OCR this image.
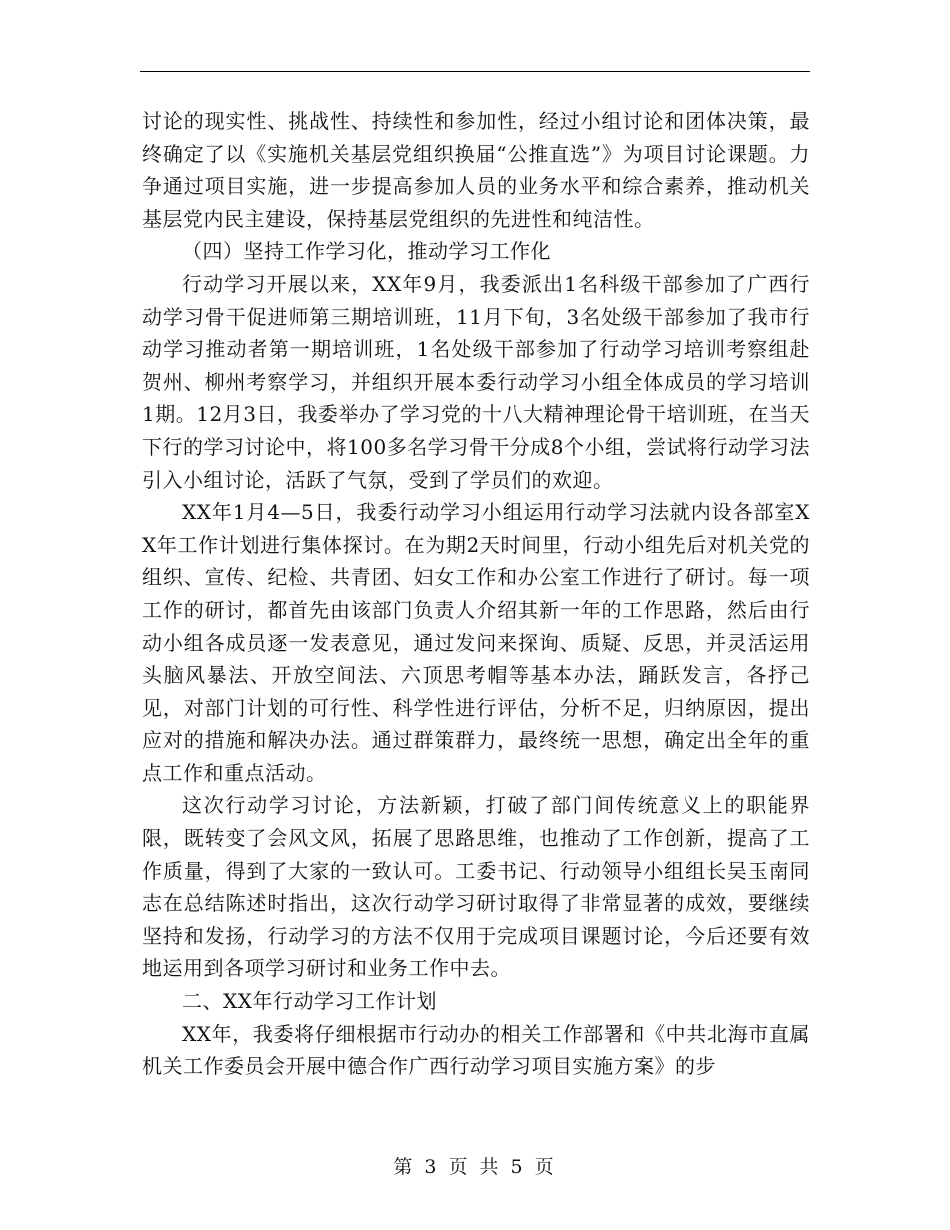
讨论的现实性、挑战性、持续性和参加性，经过小组讨论和团体决策，最终确定了以《实施机关基层党组织换届“公推直选”》为项目讨论课题。力争通过项目实施，进一步提高参加人员的业务水平和综合素养，推动机关基层党内民主建设，保持基层党组织的先进性和纯洁性。

（四）坚持工作学习化，推动学习工作化

行动学习开展以来，XX年9月，我委派出1名科级干部参加了广西行动学习骨干促进师第三期培训班，11月下旬，3名处级干部参加了我市行动学习推动者第一期培训班，1名处级干部参加了行动学习培训考察组赴贺州、柳州考察学习，并组织开展本委行动学习小组全体成员的学习培训1期。12月3日，我委举办了学习党的十八大精神理论骨干培训班，在当天下行的学习讨论中，将100多名学习骨干分成8个小组，尝试将行动学习法引入小组讨论，活跃了气氛，受到了学员们的欢迎。

XX年1月4—5日，我委行动学习小组运用行动学习法就内设各部室XX年工作计划进行集体探讨。在为期2天时间里，行动小组先后对机关党的组织、宣传、纪检、共青团、妇女工作和办公室工作进行了研讨。每一项工作的研讨，都首先由该部门负责人介绍其新一年的工作思路，然后由行动小组各成员逐一发表意见，通过发问来探询、质疑、反思，并灵活运用头脑风暴法、开放空间法、六顶思考帽等基本办法，踊跃发言，各抒己见，对部门计划的可行性、科学性进行评估，分析不足，归纳原因，提出应对的措施和解决办法。通过群策群力，最终统一思想，确定出全年的重点工作和重点活动。

这次行动学习讨论，方法新颖，打破了部门间传统意义上的职能界限，既转变了会风文风，拓展了思路思维，也推动了工作创新，提高了工作质量，得到了大家的一致认可。工委书记、行动领导小组组长吴玉南同志在总结陈述时指出，这次行动学习研讨取得了非常显著的成效，要继续坚持和发扬，行动学习的方法不仅用于完成项目课题讨论，今后还要有效地运用到各项学习研讨和业务工作中去。

二、XX年行动学习工作计划

XX年，我委将仔细根据市行动办的相关工作部署和《中共北海市直属机关工作委员会开展中德合作广西行动学习项目实施方案》的步

第 3 页 共 5 页
